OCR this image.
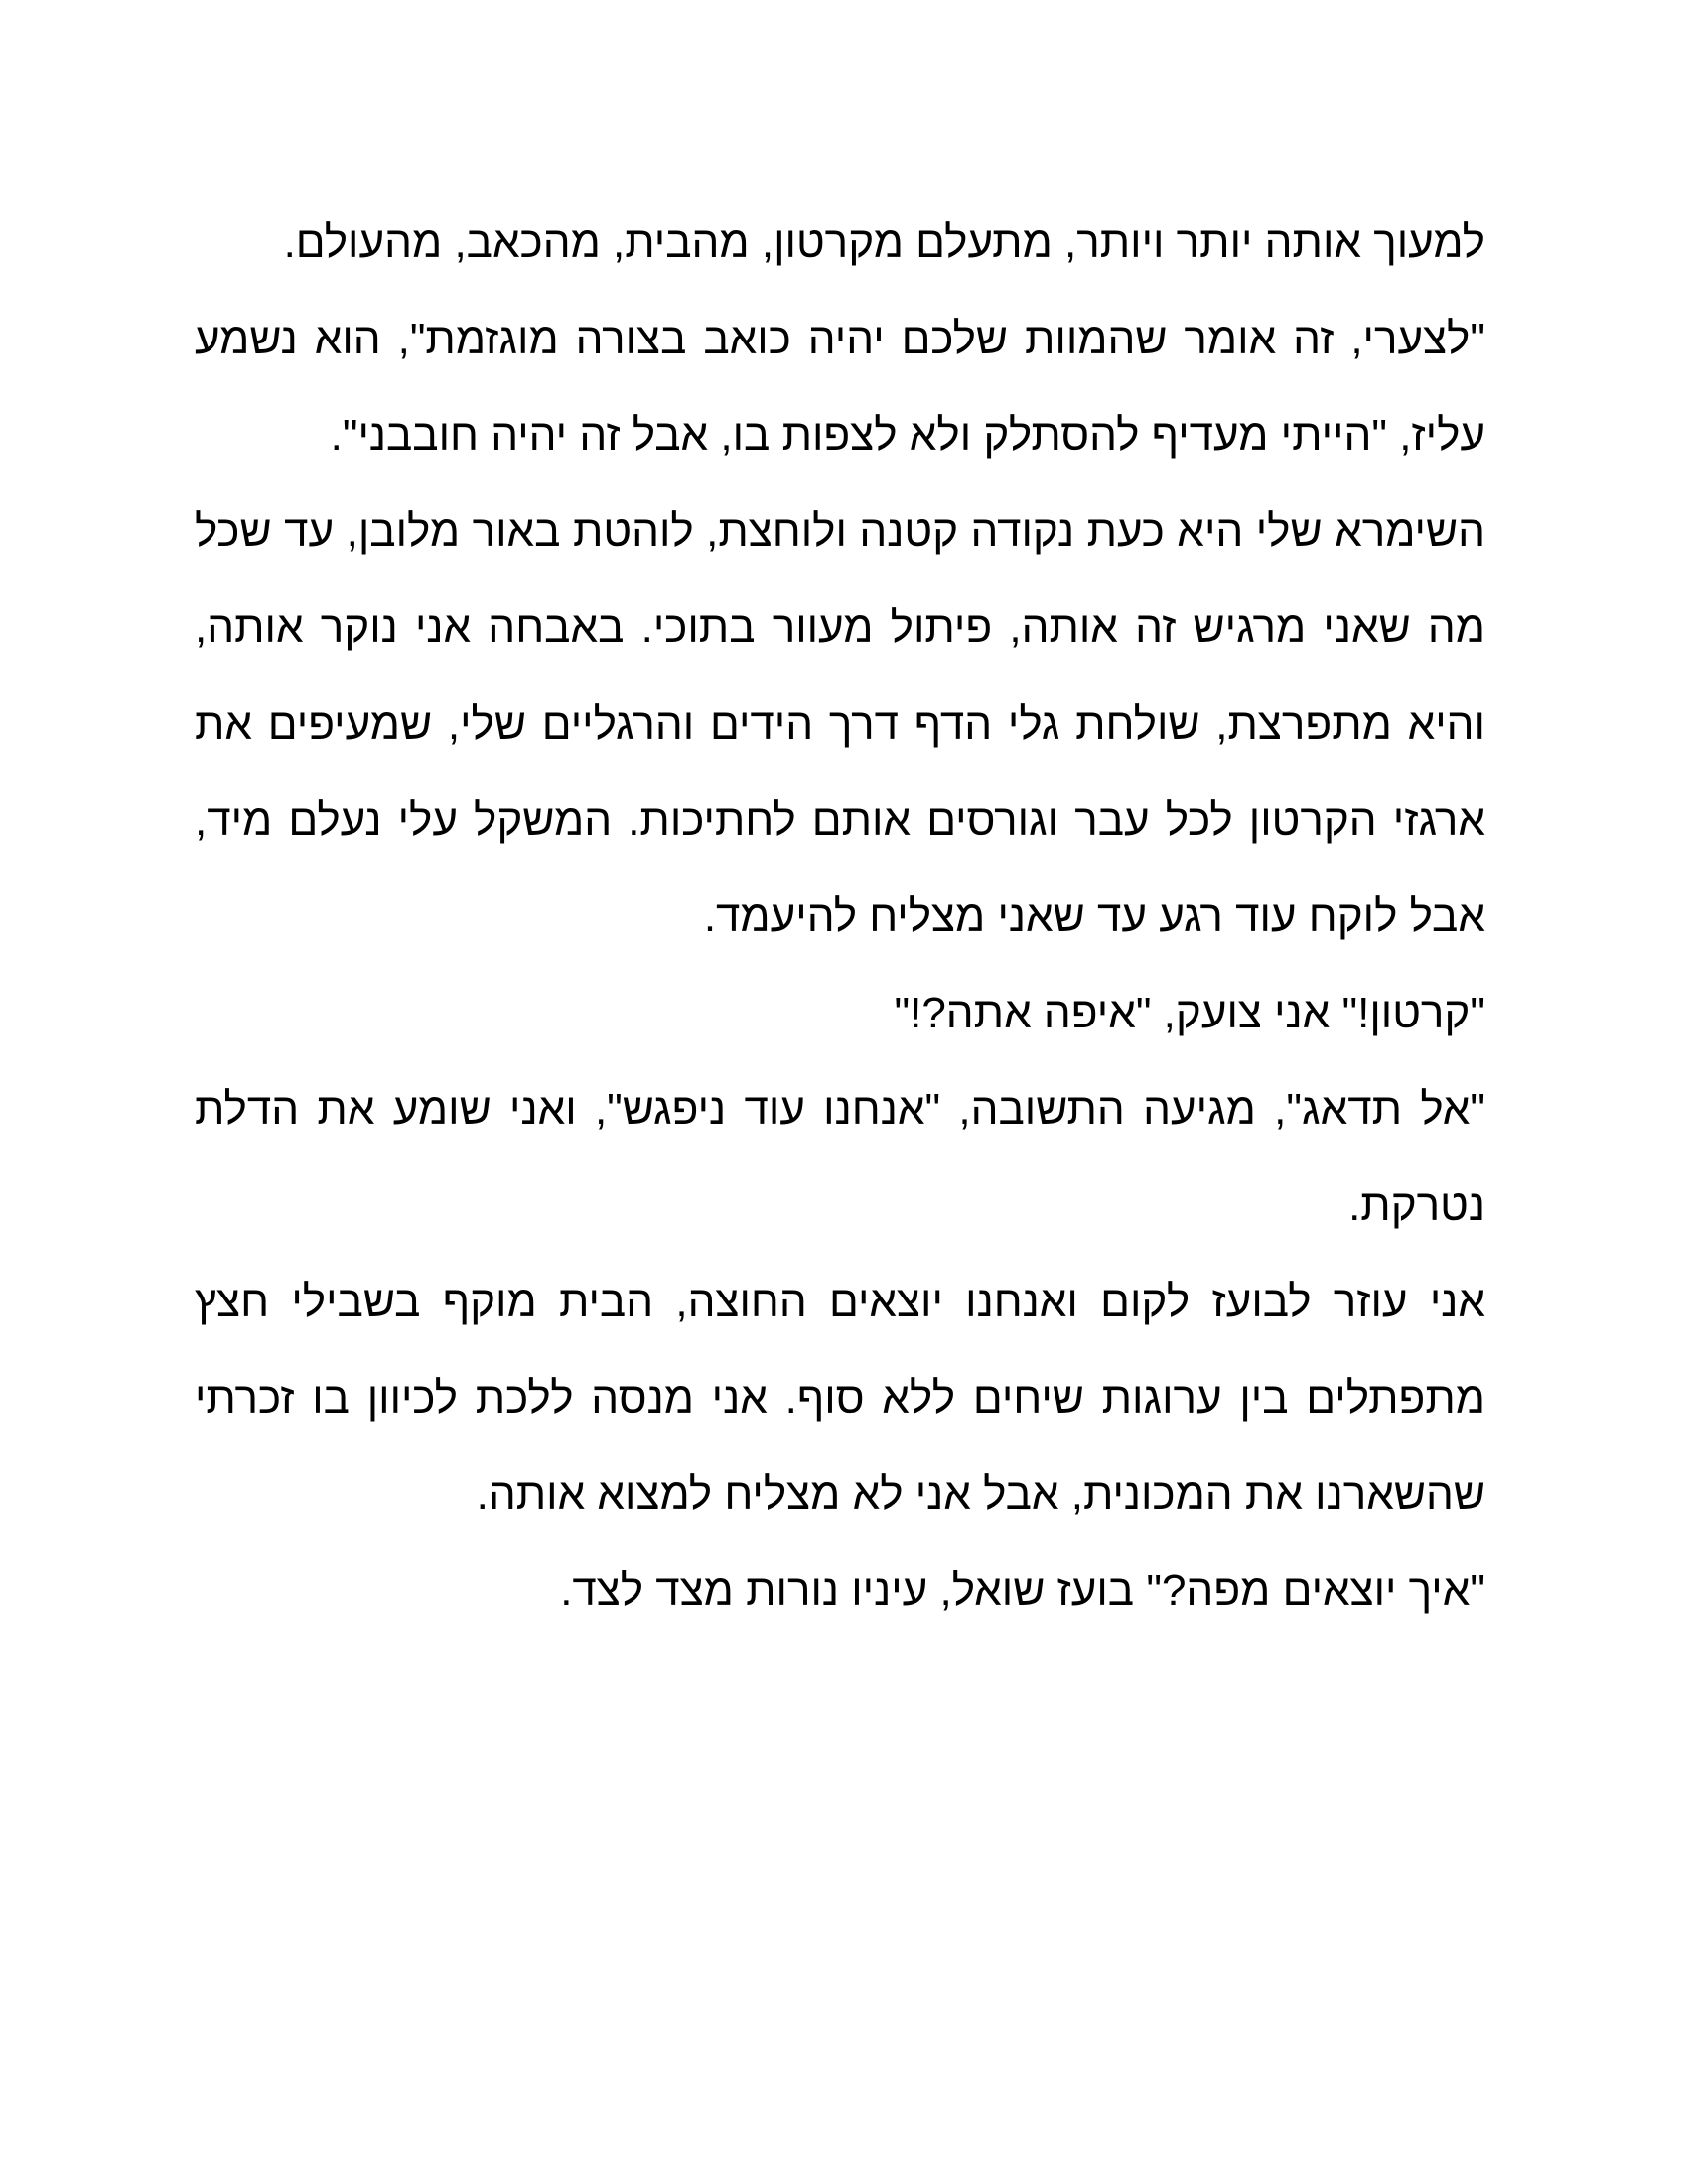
למעוך אותה יותר ויותר, מתעלם מקרטון, מהבית, מהכאב, מהעולם.

"לצערי, זה אומר שהמוות שלכם יהיה כואב בצורה מוגזמת", הוא נשמע עליז, "הייתי מעדיף להסתלק ולא לצפות בו, אבל זה יהיה חובבני".

השימרא שלי היא כעת נקודה קטנה ולוחצת, לוהטת באור מלובן, עד שכל מה שאני מרגיש זה אותה, פיתול מעוור בתוכי. באבחה אני נוקר אותה, והיא מתפרצת, שולחת גלי הדף דרך הידים והרגליים שלי, שמעיפים את ארגזי הקרטון לכל עבר וגורסים אותם לחתיכות. המשקל עלי נעלם מיד, אבל לוקח עוד רגע עד שאני מצליח להיעמד.

"קרטון!" אני צועק, "איפה אתה?!"

"אל תדאג", מגיעה התשובה, "אנחנו עוד ניפגש", ואני שומע את הדלת נטרקת.

אני עוזר לבועז לקום ואנחנו יוצאים החוצה, הבית מוקף בשבילי חצץ מתפתלים בין ערוגות שיחים ללא סוף. אני מנסה ללכת לכיוון בו זכרתי שהשארנו את המכונית, אבל אני לא מצליח למצוא אותה.

"איך יוצאים מפה?" בועז שואל, עיניו נורות מצד לצד.
